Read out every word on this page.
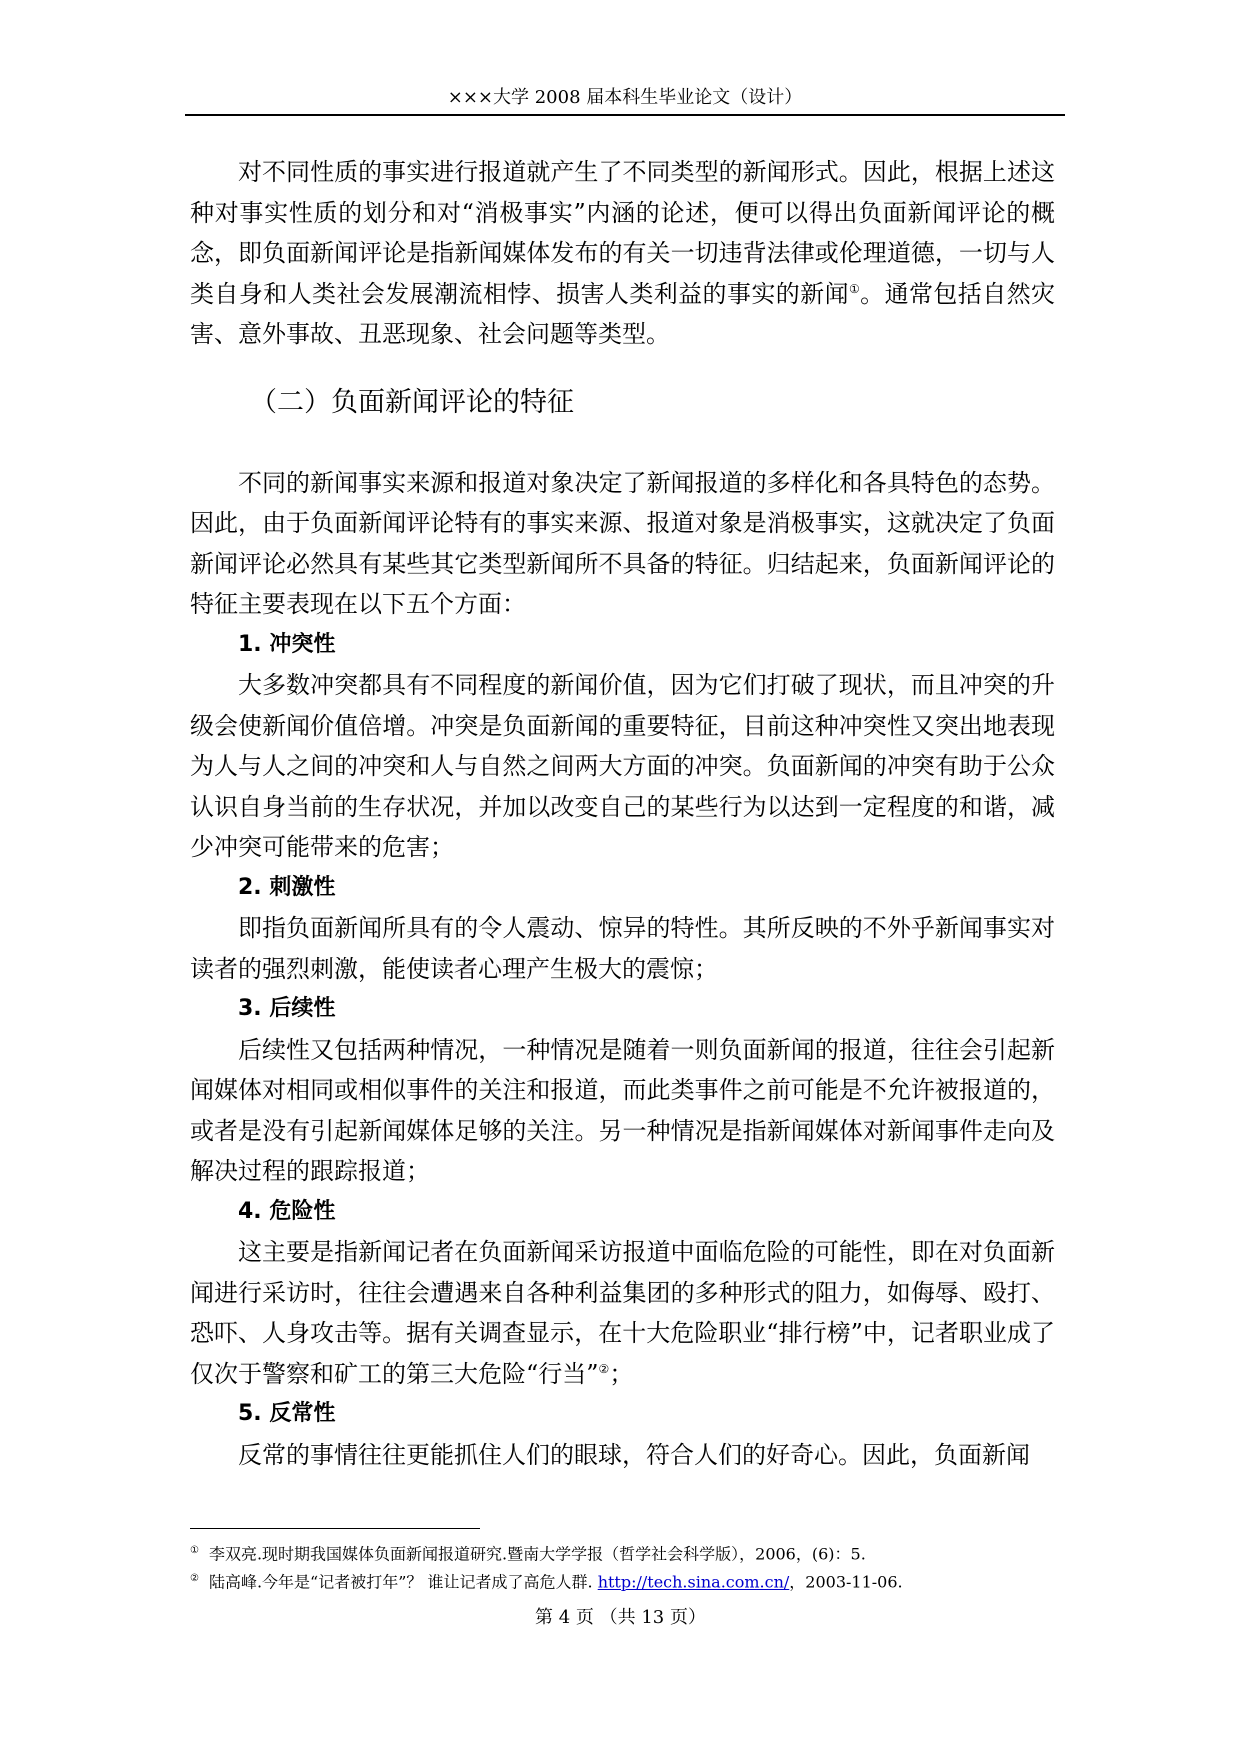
×××大学 2008 届本科生毕业论文（设计）

对不同性质的事实进行报道就产生了不同类型的新闻形式。因此，根据上述这种对事实性质的划分和对“消极事实”内涵的论述，便可以得出负面新闻评论的概念，即负面新闻评论是指新闻媒体发布的有关一切违背法律或伦理道德，一切与人类自身和人类社会发展潮流相悖、损害人类利益的事实的新闻①。通常包括自然灾害、意外事故、丑恶现象、社会问题等类型。

（二）负面新闻评论的特征

不同的新闻事实来源和报道对象决定了新闻报道的多样化和各具特色的态势。因此，由于负面新闻评论特有的事实来源、报道对象是消极事实，这就决定了负面新闻评论必然具有某些其它类型新闻所不具备的特征。归结起来，负面新闻评论的特征主要表现在以下五个方面：

1. 冲突性

大多数冲突都具有不同程度的新闻价值，因为它们打破了现状，而且冲突的升级会使新闻价值倍增。冲突是负面新闻的重要特征，目前这种冲突性又突出地表现为人与人之间的冲突和人与自然之间两大方面的冲突。负面新闻的冲突有助于公众认识自身当前的生存状况，并加以改变自己的某些行为以达到一定程度的和谐，减少冲突可能带来的危害；

2. 刺激性

即指负面新闻所具有的令人震动、惊异的特性。其所反映的不外乎新闻事实对读者的强烈刺激，能使读者心理产生极大的震惊；

3. 后续性

后续性又包括两种情况，一种情况是随着一则负面新闻的报道，往往会引起新闻媒体对相同或相似事件的关注和报道，而此类事件之前可能是不允许被报道的，或者是没有引起新闻媒体足够的关注。另一种情况是指新闻媒体对新闻事件走向及解决过程的跟踪报道；

4. 危险性

这主要是指新闻记者在负面新闻采访报道中面临危险的可能性，即在对负面新闻进行采访时，往往会遭遇来自各种利益集团的多种形式的阻力，如侮辱、殴打、恐吓、人身攻击等。据有关调查显示，在十大危险职业“排行榜”中，记者职业成了仅次于警察和矿工的第三大危险“行当”②；

5. 反常性

反常的事情往往更能抓住人们的眼球，符合人们的好奇心。因此，负面新闻

① 李双亮.现时期我国媒体负面新闻报道研究.暨南大学学报（哲学社会科学版），2006，(6)：5.

② 陆高峰.今年是“记者被打年”？ 谁让记者成了高危人群. http://tech.sina.com.cn/，2003-11-06.

第 4 页 （共 13 页）
